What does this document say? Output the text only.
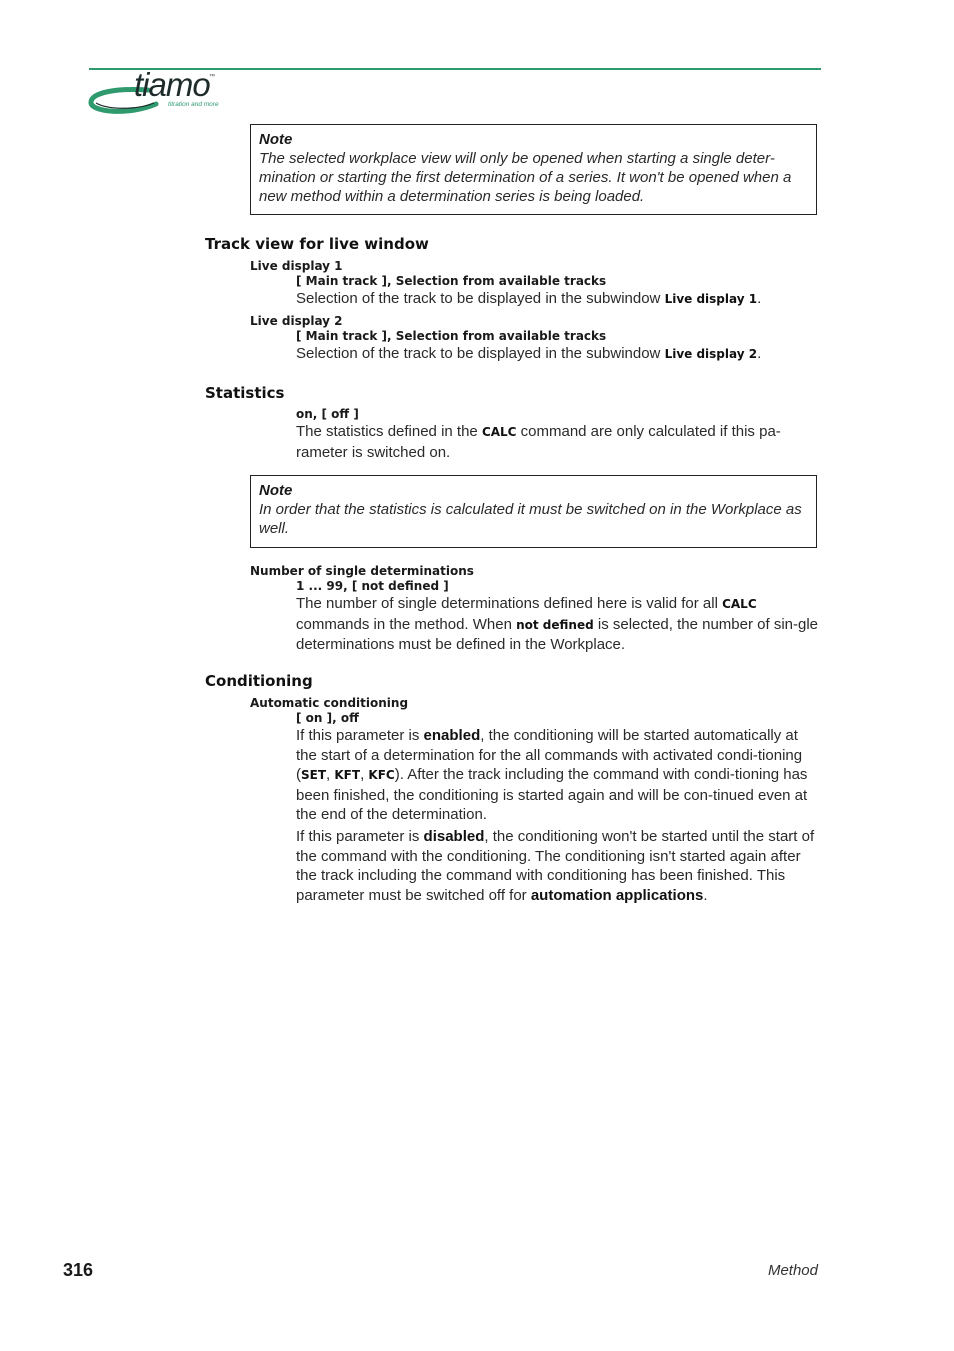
tiamo ™
titration and more
Note
The selected workplace view will only be opened when starting a single deter-mination or starting the first determination of a series. It won't be opened when a new method within a determination series is being loaded.
Track view for live window
Live display 1
[ Main track ], Selection from available tracks
Selection of the track to be displayed in the subwindow Live display 1.
Live display 2
[ Main track ], Selection from available tracks
Selection of the track to be displayed in the subwindow Live display 2.
Statistics
on, [ off ]
The statistics defined in the CALC command are only calculated if this pa-rameter is switched on.
Note
In order that the statistics is calculated it must be switched on in the Workplace as well.
Number of single determinations
1 ... 99, [ not defined ]
The number of single determinations defined here is valid for all CALC commands in the method. When not defined is selected, the number of sin-gle determinations must be defined in the Workplace.
Conditioning
Automatic conditioning
[ on ], off
If this parameter is enabled, the conditioning will be started automatically at the start of a determination for the all commands with activated condi-tioning (SET, KFT, KFC). After the track including the command with condi-tioning has been finished, the conditioning is started again and will be con-tinued even at the end of the determination.
If this parameter is disabled, the conditioning won't be started until the start of the command with the conditioning. The conditioning isn't started again after the track including the command with conditioning has been finished. This parameter must be switched off for automation applications.
316	Method
